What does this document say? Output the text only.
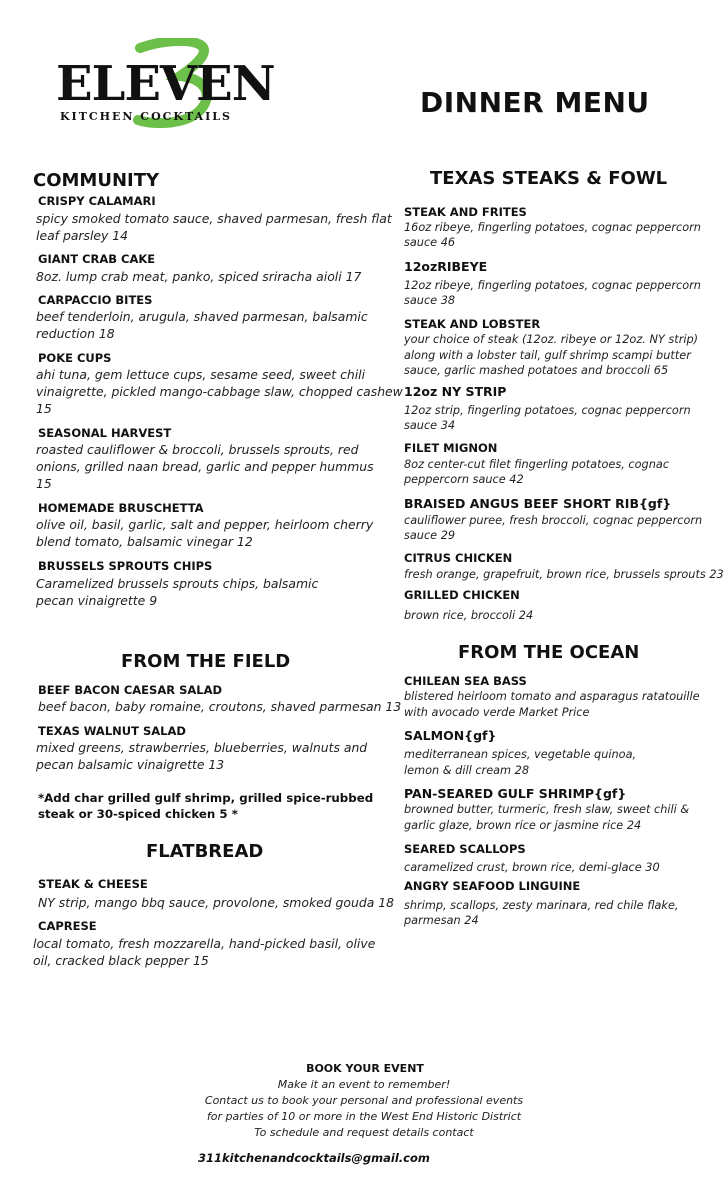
ELEVEN
KITCHEN COCKTAILS	DINNER MENU
COMMUNITY
CRISPY CALAMARI
spicy smoked tomato sauce, shaved parmesan, fresh flat
leaf parsley 14
GIANT CRAB CAKE
8oz. lump crab meat, panko, spiced sriracha aioli 17
CARPACCIO BITES
beef tenderloin, arugula, shaved parmesan, balsamic
reduction 18
POKE CUPS
ahi tuna, gem lettuce cups, sesame seed, sweet chili
vinaigrette, pickled mango-cabbage slaw, chopped cashew
15
SEASONAL HARVEST
roasted cauliflower & broccoli, brussels sprouts, red
onions, grilled naan bread, garlic and pepper hummus
15
HOMEMADE BRUSCHETTA
olive oil, basil, garlic, salt and pepper, heirloom cherry
blend tomato, balsamic vinegar 12
BRUSSELS SPROUTS CHIPS
Caramelized brussels sprouts chips, balsamic
pecan vinaigrette 9
FROM THE FIELD
BEEF BACON CAESAR SALAD
beef bacon, baby romaine, croutons, shaved parmesan 13
TEXAS WALNUT SALAD
mixed greens, strawberries, blueberries, walnuts and
pecan balsamic vinaigrette 13
*Add char grilled gulf shrimp, grilled spice-rubbed
steak or 30-spiced chicken 5 *
FLATBREAD
STEAK & CHEESE
NY strip, mango bbq sauce, provolone, smoked gouda 18
CAPRESE
local tomato, fresh mozzarella, hand-picked basil, olive
oil, cracked black pepper 15
TEXAS STEAKS & FOWL
STEAK AND FRITES
16oz ribeye, fingerling potatoes, cognac peppercorn
sauce 46
12ozRIBEYE
12oz ribeye, fingerling potatoes, cognac peppercorn
sauce 38
STEAK AND LOBSTER
your choice of steak (12oz. ribeye or 12oz. NY strip)
along with a lobster tail, gulf shrimp scampi butter
sauce, garlic mashed potatoes and broccoli 65
12oz NY STRIP
12oz strip, fingerling potatoes, cognac peppercorn
sauce 34
FILET MIGNON
8oz center-cut filet fingerling potatoes, cognac
peppercorn sauce 42
BRAISED ANGUS BEEF SHORT RIB{gf}
cauliflower puree, fresh broccoli, cognac peppercorn
sauce 29
CITRUS CHICKEN
fresh orange, grapefruit, brown rice, brussels sprouts 23
GRILLED CHICKEN
brown rice, broccoli 24
FROM THE OCEAN
CHILEAN SEA BASS
blistered heirloom tomato and asparagus ratatouille
with avocado verde Market Price
SALMON{gf}
mediterranean spices, vegetable quinoa,
lemon & dill cream 28
PAN-SEARED GULF SHRIMP{gf}
browned butter, turmeric, fresh slaw, sweet chili &
garlic glaze, brown rice or jasmine rice 24
SEARED SCALLOPS
caramelized crust, brown rice, demi-glace 30
ANGRY SEAFOOD LINGUINE
shrimp, scallops, zesty marinara, red chile flake,
parmesan 24
BOOK YOUR EVENT
Make it an event to remember!
Contact us to book your personal and professional events
for parties of 10 or more in the West End Historic District
To schedule and request details contact
311kitchenandcocktails@gmail.com
